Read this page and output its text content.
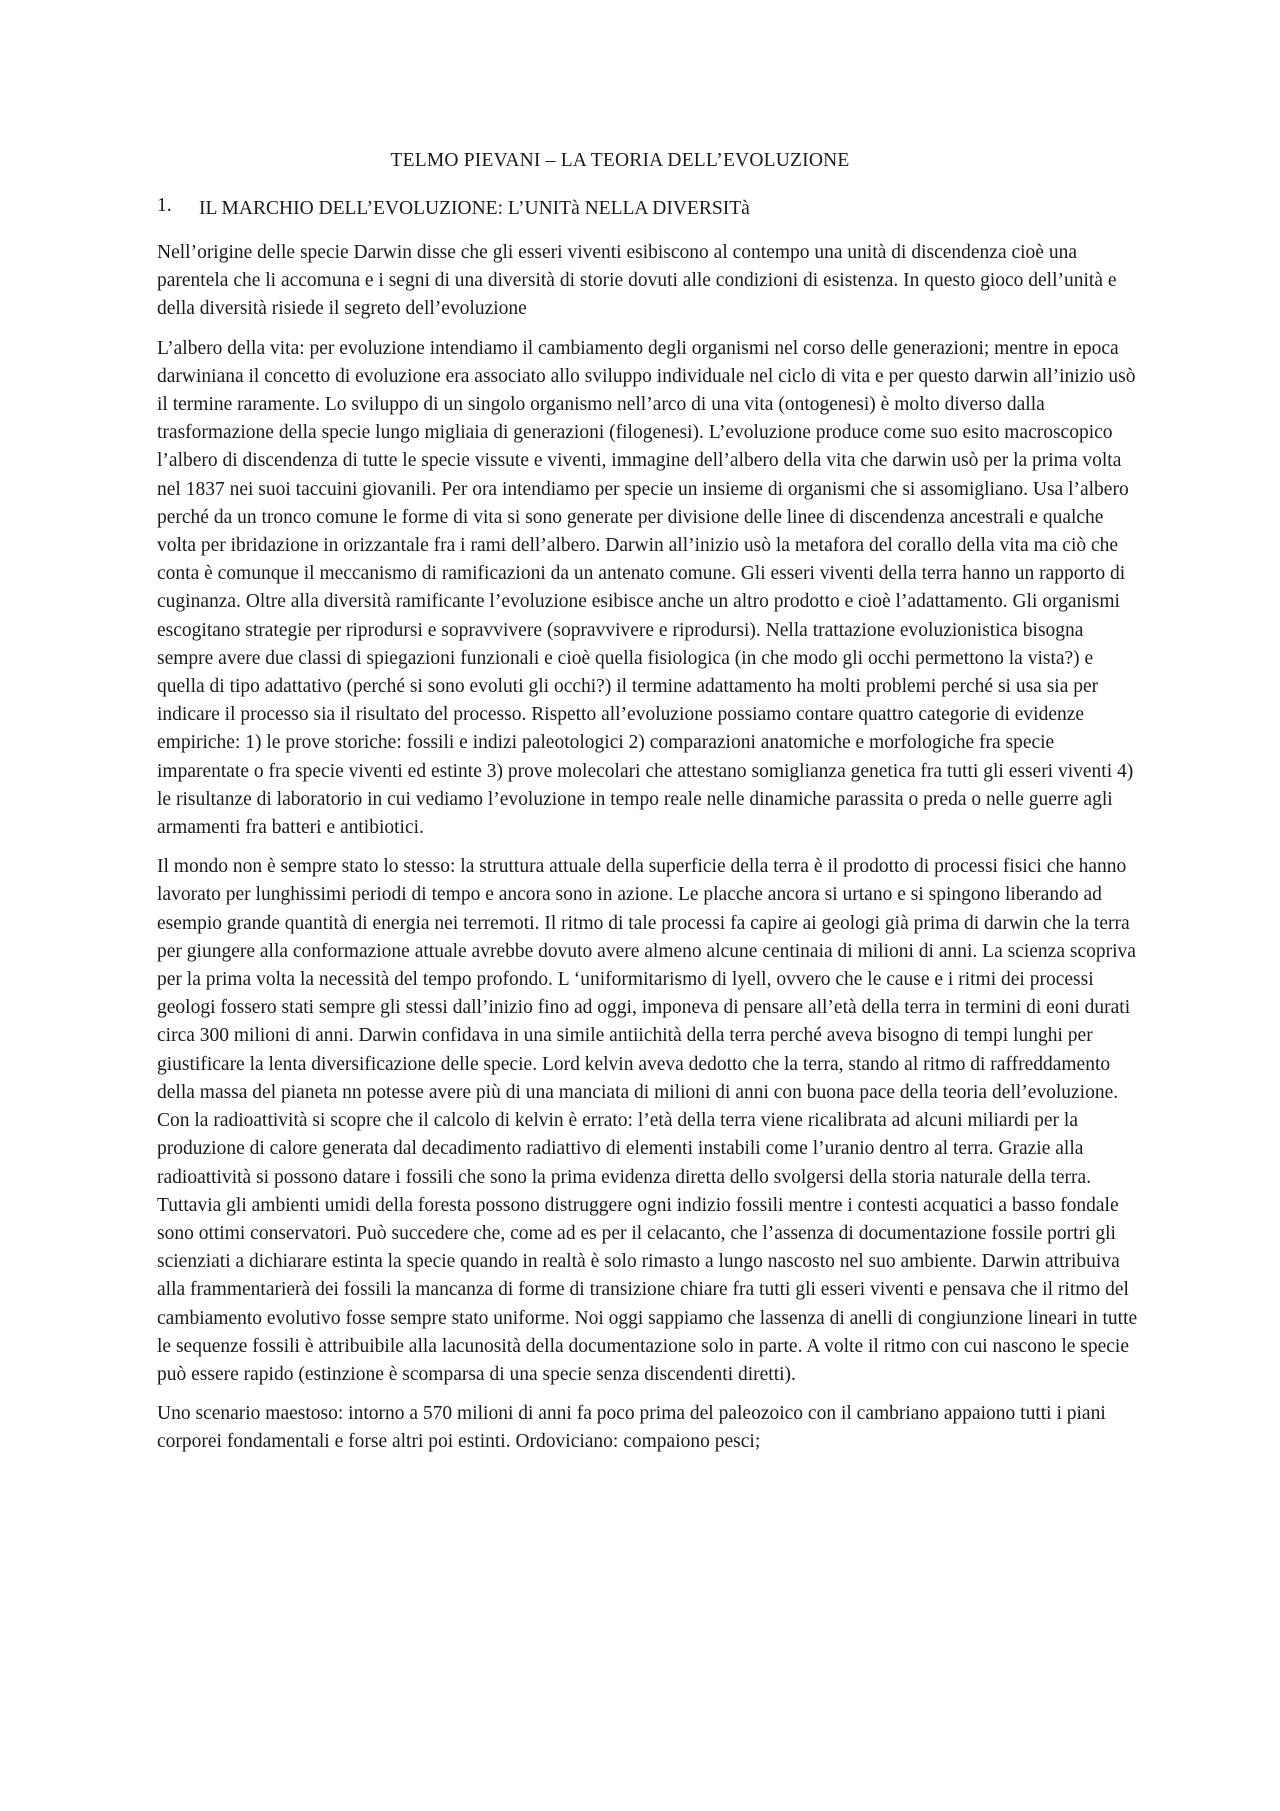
TELMO PIEVANI – LA TEORIA DELL’EVOLUZIONE
1. IL MARCHIO DELL’EVOLUZIONE: L’UNITà NELLA DIVERSITà

Nell’origine delle specie Darwin disse che gli esseri viventi esibiscono al contempo una unità di discendenza cioè una parentela che li accomuna e i segni di una diversità di storie dovuti alle condizioni di esistenza. In questo gioco dell’unità e della diversità risiede il segreto dell’evoluzione

L’albero della vita: per evoluzione intendiamo il cambiamento degli organismi nel corso delle generazioni; mentre in epoca darwiniana il concetto di evoluzione era associato allo sviluppo individuale nel ciclo di vita e per questo darwin all’inizio usò il termine raramente. Lo sviluppo di un singolo organismo nell’arco di una vita (ontogenesi) è molto diverso dalla trasformazione della specie lungo migliaia di generazioni (filogenesi). L’evoluzione produce come suo esito macroscopico l’albero di discendenza di tutte le specie vissute e viventi, immagine dell’albero della vita che darwin usò per la prima volta nel 1837 nei suoi taccuini giovanili. Per ora intendiamo per specie un insieme di organismi che si assomigliano. Usa l’albero perché da un tronco comune le forme di vita si sono generate per divisione delle linee di discendenza ancestrali e qualche volta per ibridazione in orizzantale fra i rami dell’albero. Darwin all’inizio usò la metafora del corallo della vita ma ciò che conta è comunque il meccanismo di ramificazioni da un antenato comune. Gli esseri viventi della terra hanno un rapporto di cuginanza. Oltre alla diversità ramificante l’evoluzione esibisce anche un altro prodotto e cioè l’adattamento. Gli organismi escogitano strategie per riprodursi e sopravvivere (sopravvivere e riprodursi). Nella trattazione evoluzionistica bisogna sempre avere due classi di spiegazioni funzionali e cioè quella fisiologica (in che modo gli occhi permettono la vista?) e quella di tipo adattativo (perché si sono evoluti gli occhi?) il termine adattamento ha molti problemi perché si usa sia per indicare il processo sia il risultato del processo. Rispetto all’evoluzione possiamo contare quattro categorie di evidenze empiriche: 1) le prove storiche: fossili e indizi paleotologici 2) comparazioni anatomiche e morfologiche fra specie imparentate o fra specie viventi ed estinte 3) prove molecolari che attestano somiglianza genetica fra tutti gli esseri viventi 4) le risultanze di laboratorio in cui vediamo l’evoluzione in tempo reale nelle dinamiche parassita o preda o nelle guerre agli armamenti fra batteri e antibiotici.

Il mondo non è sempre stato lo stesso: la struttura attuale della superficie della terra è il prodotto di processi fisici che hanno lavorato per lunghissimi periodi di tempo e ancora sono in azione. Le placche ancora si urtano e si spingono liberando ad esempio grande quantità di energia nei terremoti. Il ritmo di tale processi fa capire ai geologi già prima di darwin che la terra per giungere alla conformazione attuale avrebbe dovuto avere almeno alcune centinaia di milioni di anni. La scienza scopriva per la prima volta la necessità del tempo profondo. L ‘uniformitarismo di lyell, ovvero che le cause e i ritmi dei processi geologi fossero stati sempre gli stessi dall’inizio fino ad oggi, imponeva di pensare all’età della terra in termini di eoni durati circa 300 milioni di anni. Darwin confidava in una simile antiichità della terra perché aveva bisogno di tempi lunghi per giustificare la lenta diversificazione delle specie. Lord kelvin aveva dedotto che la terra, stando al ritmo di raffreddamento della massa del pianeta nn potesse avere più di una manciata di milioni di anni con buona pace della teoria dell’evoluzione. Con la radioattività si scopre che il calcolo di kelvin è errato: l’età della terra viene ricalibrata ad alcuni miliardi per la produzione di calore generata dal decadimento radiattivo di elementi instabili come l’uranio dentro al terra. Grazie alla radioattività si possono datare i fossili che sono la prima evidenza diretta dello svolgersi della storia naturale della terra. Tuttavia gli ambienti umidi della foresta possono distruggere ogni indizio fossili mentre i contesti acquatici a basso fondale sono ottimi conservatori. Può succedere che, come ad es per il celacanto, che l’assenza di documentazione fossile portri gli scienziati a dichiarare estinta la specie quando in realtà è solo rimasto a lungo nascosto nel suo ambiente. Darwin attribuiva alla frammentarierà dei fossili la mancanza di forme di transizione chiare fra tutti gli esseri viventi e pensava che il ritmo del cambiamento evolutivo fosse sempre stato uniforme. Noi oggi sappiamo che lassenza di anelli di congiunzione lineari in tutte le sequenze fossili è attribuibile alla lacunosità della documentazione solo in parte. A volte il ritmo con cui nascono le specie può essere rapido (estinzione è scomparsa di una specie senza discendenti diretti).

Uno scenario maestoso: intorno a 570 milioni di anni fa poco prima del paleozoico con il cambriano appaiono tutti i piani corporei fondamentali e forse altri poi estinti. Ordoviciano: compaiono pesci;
